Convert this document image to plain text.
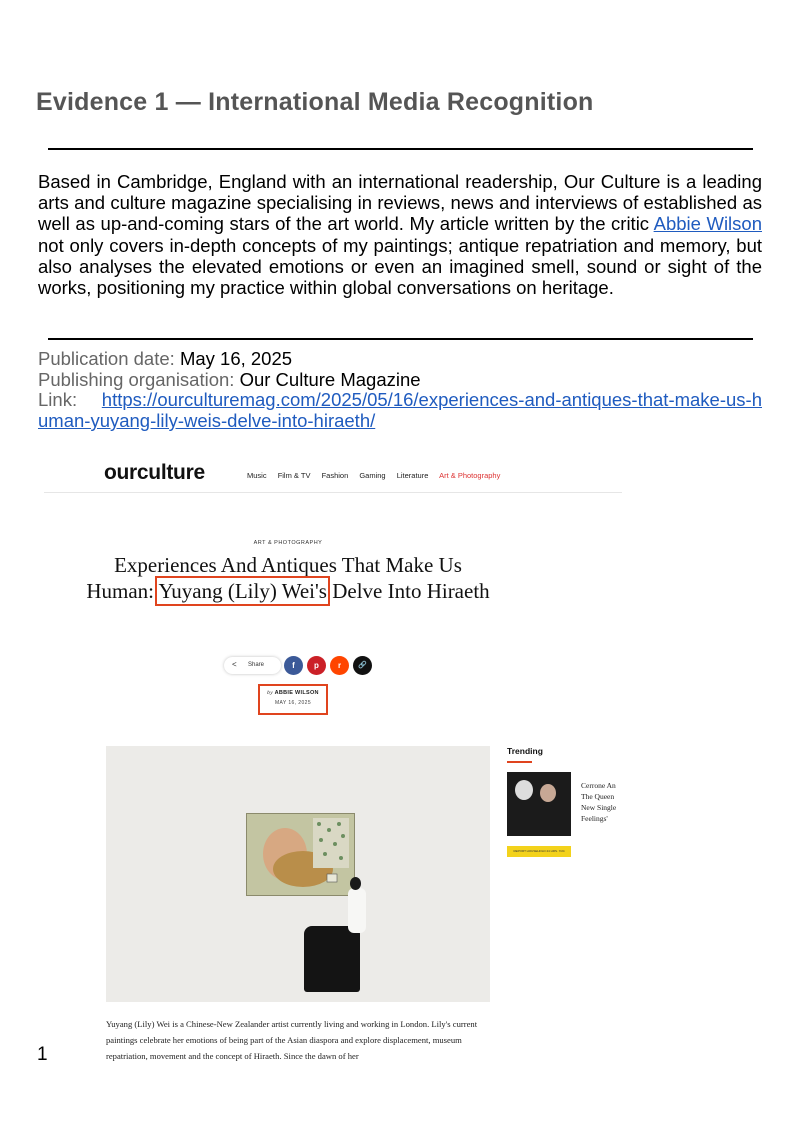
Evidence 1 — International Media Recognition
Based in Cambridge, England with an international readership, Our Culture is a leading arts and culture magazine specialising in reviews, news and interviews of established as well as up-and-coming stars of the art world. My article written by the critic Abbie Wilson not only covers in-depth concepts of my paintings; antique repatriation and memory, but also analyses the elevated emotions or even an imagined smell, sound or sight of the works, positioning my practice within global conversations on heritage.
Publication date: May 16, 2025
Publishing organisation: Our Culture Magazine
Link: https://ourculturemag.com/2025/05/16/experiences-and-antiques-that-make-us-human-yuyang-lily-weis-delve-into-hiraeth/
ourculture	Music Film & TV Fashion Gaming Literature Art & Photography
ART & PHOTOGRAPHY
Experiences And Antiques That Make Us Human: Yuyang (Lily) Wei's Delve Into Hiraeth
< Share	f	p	r	🔗
by ABBIE WILSON
MAY 16, 2025
Yuyang (Lily) Wei is a Chinese-New Zealander artist currently living and working in London. Lily's current paintings celebrate her emotions of being part of the Asian diaspora and explore displacement, museum repatriation, movement and the concept of Hiraeth. Since the dawn of her
Trending
Cerrone An The Queen New Single Feelings'
REPORT HOUSEHOLD 24 HRS. 7/24
1
